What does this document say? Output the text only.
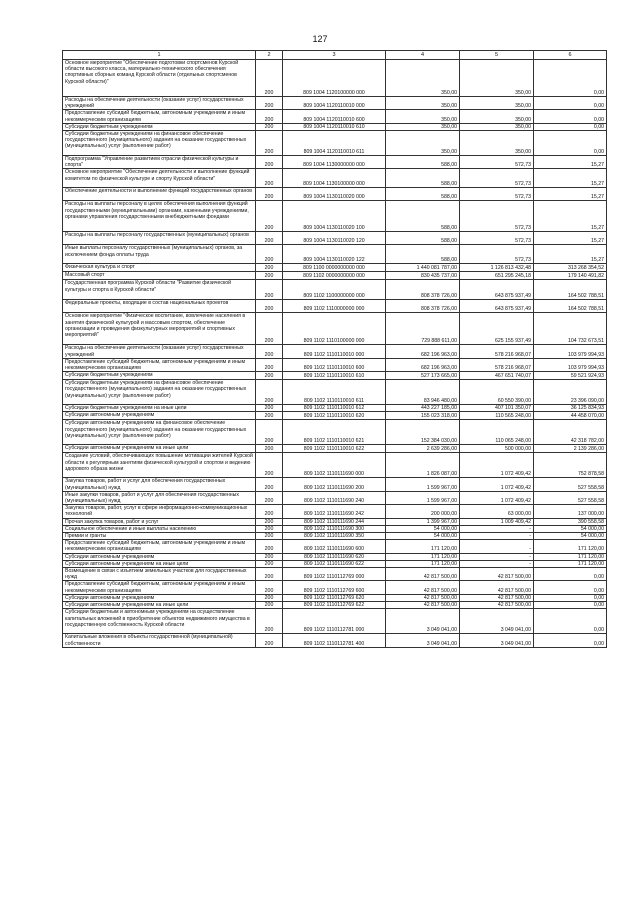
127
1	2	3	4	5	6
Основное мероприятие "Обеспечение подготовки спортсменов Курской области высокого класса, материально-технического обеспечения спортивных сборных команд Курской области (отдельных спортсменов Курской области)"	200	809 1004 1120100000 000	350,00	350,00	0,00
Расходы на обеспечение деятельности (оказание услуг) государственных учреждений	200	809 1004 1120110010 000	350,00	350,00	0,00
Предоставление субсидий бюджетным, автономным учреждениям и иным некоммерческим организациям	200	809 1004 1120110010 600	350,00	350,00	0,00
Субсидии бюджетным учреждениям	200	809 1004 1120110010 610	350,00	350,00	0,00
Субсидии бюджетным учреждениям на финансовое обеспечение государственного (муниципального) задания на оказание государственных (муниципальных) услуг (выполнение работ)	200	809 1004 1120110010 611	350,00	350,00	0,00
Подпрограмма "Управление развитием отрасли физической культуры и спорта"	200	809 1004 1130000000 000	588,00	572,73	15,27
Основное мероприятие "Обеспечение деятельности и выполнение функций комитетом по физической культуре и спорту Курской области"	200	809 1004 1130100000 000	588,00	572,73	15,27
Обеспечение деятельности и выполнение функций государственных органов	200	809 1004 1130110020 000	588,00	572,73	15,27
Расходы на выплаты персоналу в целях обеспечения выполнения функций государственными (муниципальными) органами, казенными учреждениями, органами управления государственными внебюджетными фондами	200	809 1004 1130110020 100	588,00	572,73	15,27
Расходы на выплаты персоналу государственных (муниципальных) органов	200	809 1004 1130110020 120	588,00	572,73	15,27
Иные выплаты персоналу государственных (муниципальных) органов, за исключением фонда оплаты труда	200	809 1004 1130110020 122	588,00	572,73	15,27
Физическая культура и спорт	200	809 1100 0000000000 000	1 440 081 787,00	1 126 813 432,48	313 268 354,52
Массовый спорт	200	809 1102 0000000000 000	830 435 737,00	651 295 245,18	179 140 491,82
Государственная программа Курской области "Развитие физической культуры и спорта в Курской области"	200	809 1102 1100000000 000	808 378 726,00	643 875 937,49	164 502 788,51
Федеральные проекты, входящие в состав национальных проектов	200	809 1102 1110000000 000	808 378 726,00	643 875 937,49	164 502 788,51
Основное мероприятие "Физическое воспитание, вовлечение населения в занятия физической культурой и массовым спортом, обеспечение организации и проведения физкультурных мероприятий и спортивных мероприятий"	200	809 1102 1110100000 000	729 888 611,00	625 155 937,49	104 732 673,51
Расходы на обеспечение деятельности (оказание услуг) государственных учреждений	200	809 1102 1110110010 000	682 196 963,00	578 216 968,07	103 979 994,93
Предоставление субсидий бюджетным, автономным учреждениям и иным некоммерческим организациям	200	809 1102 1110110010 600	682 196 963,00	578 216 968,07	103 979 994,93
Субсидии бюджетным учреждениям	200	809 1102 1110110010 610	527 173 665,00	467 651 740,07	59 521 924,93
Субсидии бюджетным учреждениям на финансовое обеспечение государственного (муниципального) задания на оказание государственных (муниципальных) услуг (выполнение работ)	200	809 1102 1110110010 611	83 946 480,00	60 550 390,00	23 396 090,00
Субсидии бюджетным учреждениям на иные цели	200	809 1102 1110110010 612	443 227 185,00	407 101 350,07	36 125 834,93
Субсидии автономным учреждениям	200	809 1102 1110110010 620	155 023 318,00	110 565 248,00	44 458 070,00
Субсидии автономным учреждениям на финансовое обеспечение государственного (муниципального) задания на оказание государственных (муниципальных) услуг (выполнение работ)	200	809 1102 1110110010 621	152 384 030,00	110 065 248,00	42 318 782,00
Субсидии автономным учреждениям на иные цели	200	809 1102 1110110010 622	2 639 286,00	500 000,00	2 139 286,00
Создание условий, обеспечивающих повышение мотивации жителей Курской области к регулярным занятиям физической культурой и спортом и ведению здорового образа жизни	200	809 1102 1110111690 000	1 826 087,00	1 072 409,42	752 878,58
Закупка товаров, работ и услуг для обеспечения государственных (муниципальных) нужд	200	809 1102 1110111690 200	1 599 967,00	1 072 409,42	527 558,58
Иные закупки товаров, работ и услуг для обеспечения государственных (муниципальных) нужд	200	809 1102 1110111690 240	1 599 967,00	1 072 409,42	527 558,58
Закупка товаров, работ, услуг в сфере информационно-коммуникационных технологий	200	809 1102 1110111690 242	200 000,00	63 000,00	137 000,00
Прочая закупка товаров, работ и услуг	200	809 1102 1110111690 244	1 399 967,00	1 009 409,42	390 558,58
Социальное обеспечение и иные выплаты населению	200	809 1102 1110111690 300	54 000,00	-	54 000,00
Премии и гранты	200	809 1102 1110111690 350	54 000,00	-	54 000,00
Предоставление субсидий бюджетным, автономным учреждениям и иным некоммерческим организациям	200	809 1102 1110111690 600	171 120,00	-	171 120,00
Субсидии автономным учреждениям	200	809 1102 1110111690 620	171 120,00	-	171 120,00
Субсидии автономным учреждениям на иные цели	200	809 1102 1110111690 622	171 120,00	-	171 120,00
Возмещение в связи с изъятием земельных участков для государственных нужд	200	809 1102 1110112769 000	42 817 500,00	42 817 500,00	0,00
Предоставление субсидий бюджетным, автономным учреждениям и иным некоммерческим организациям	200	809 1102 1110112769 600	42 817 500,00	42 817 500,00	0,00
Субсидии автономным учреждениям	200	809 1102 1110112769 620	42 817 500,00	42 817 500,00	0,00
Субсидии автономным учреждениям на иные цели	200	809 1102 1110112769 622	42 817 500,00	42 817 500,00	0,00
Субсидии бюджетным и автономным учреждениям на осуществление капитальных вложений в приобретение объектов недвижимого имущества в государственную собственность Курской области	200	809 1102 1110112781 000	3 049 041,00	3 049 041,00	0,00
Капитальные вложения в объекты государственной (муниципальной) собственности	200	809 1102 1110112781 400	3 049 041,00	3 049 041,00	0,00
